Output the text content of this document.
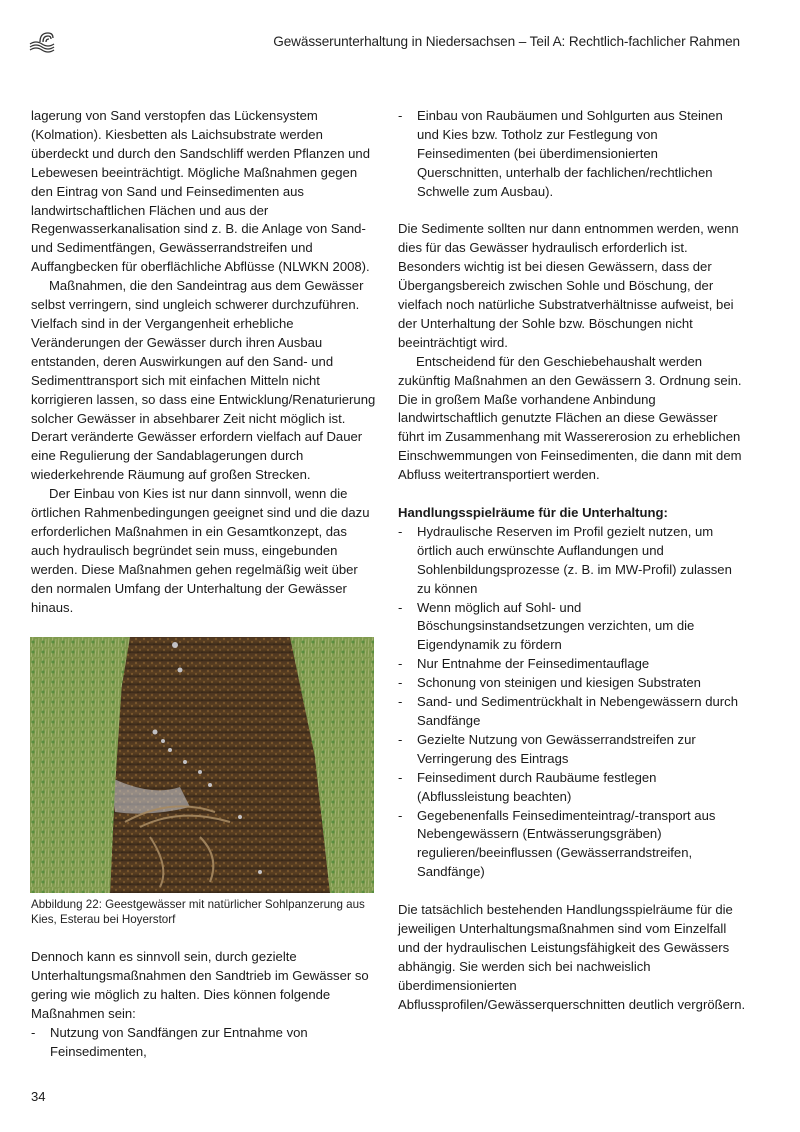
Gewässerunterhaltung in Niedersachsen – Teil A: Rechtlich-fachlicher Rahmen

lagerung von Sand verstopfen das Lückensystem (Kolmation). Kiesbetten als Laichsubstrate werden überdeckt und durch den Sandschliff werden Pflanzen und Lebewesen beeinträchtigt. Mögliche Maßnahmen gegen den Eintrag von Sand und Feinsedimenten aus landwirtschaftlichen Flächen und aus der Regenwasserkanalisation sind z. B. die Anlage von Sand- und Sedimentfängen, Gewässerrandstreifen und Auffangbecken für oberflächliche Abflüsse (NLWKN 2008).

Maßnahmen, die den Sandeintrag aus dem Gewässer selbst verringern, sind ungleich schwerer durchzuführen. Vielfach sind in der Vergangenheit erhebliche Veränderungen der Gewässer durch ihren Ausbau entstanden, deren Auswirkungen auf den Sand- und Sedimenttransport sich mit einfachen Mitteln nicht korrigieren lassen, so dass eine Entwicklung/Renaturierung solcher Gewässer in absehbarer Zeit nicht möglich ist. Derart veränderte Gewässer erfordern vielfach auf Dauer eine Regulierung der Sandablagerungen durch wiederkehrende Räumung auf großen Strecken.

Der Einbau von Kies ist nur dann sinnvoll, wenn die örtlichen Rahmenbedingungen geeignet sind und die dazu erforderlichen Maßnahmen in ein Gesamtkonzept, das auch hydraulisch begründet sein muss, eingebunden werden. Diese Maßnahmen gehen regelmäßig weit über den normalen Umfang der Unterhaltung der Gewässer hinaus.

Abbildung 22: Geestgewässer mit natürlicher Sohlpanzerung aus Kies, Esterau bei Hoyerstorf

Dennoch kann es sinnvoll sein, durch gezielte Unterhaltungsmaßnahmen den Sandtrieb im Gewässer so gering wie möglich zu halten. Dies können folgende Maßnahmen sein:

- Nutzung von Sandfängen zur Entnahme von Feinsedimenten,
- Einbau von Raubäumen und Sohlgurten aus Steinen und Kies bzw. Totholz zur Festlegung von Feinsedimenten (bei überdimensionierten Querschnitten, unterhalb der fachlichen/rechtlichen Schwelle zum Ausbau).

Die Sedimente sollten nur dann entnommen werden, wenn dies für das Gewässer hydraulisch erforderlich ist. Besonders wichtig ist bei diesen Gewässern, dass der Übergangsbereich zwischen Sohle und Böschung, der vielfach noch natürliche Substratverhältnisse aufweist, bei der Unterhaltung der Sohle bzw. Böschungen nicht beeinträchtigt wird.

Entscheidend für den Geschiebehaushalt werden zukünftig Maßnahmen an den Gewässern 3. Ordnung sein. Die in großem Maße vorhandene Anbindung landwirtschaftlich genutzte Flächen an diese Gewässer führt im Zusammenhang mit Wassererosion zu erheblichen Einschwemmungen von Feinsedimenten, die dann mit dem Abfluss weitertransportiert werden.

Handlungsspielräume für die Unterhaltung:

- Hydraulische Reserven im Profil gezielt nutzen, um örtlich auch erwünschte Auflandungen und Sohlenbildungsprozesse (z. B. im MW-Profil) zulassen zu können
- Wenn möglich auf Sohl- und Böschungsinstandsetzungen verzichten, um die Eigendynamik zu fördern
- Nur Entnahme der Feinsedimentauflage
- Schonung von steinigen und kiesigen Substraten
- Sand- und Sedimentrückhalt in Nebengewässern durch Sandfänge
- Gezielte Nutzung von Gewässerrandstreifen zur Verringerung des Eintrags
- Feinsediment durch Raubäume festlegen (Abflussleistung beachten)
- Gegebenenfalls Feinsedimenteintrag/-transport aus Nebengewässern (Entwässerungsgräben) regulieren/beeinflussen (Gewässerrandstreifen, Sandfänge)

Die tatsächlich bestehenden Handlungsspielräume für die jeweiligen Unterhaltungsmaßnahmen sind vom Einzelfall und der hydraulischen Leistungsfähigkeit des Gewässers abhängig. Sie werden sich bei nachweislich überdimensionierten Abflussprofilen/Gewässerquerschnitten deutlich vergrößern.

34
